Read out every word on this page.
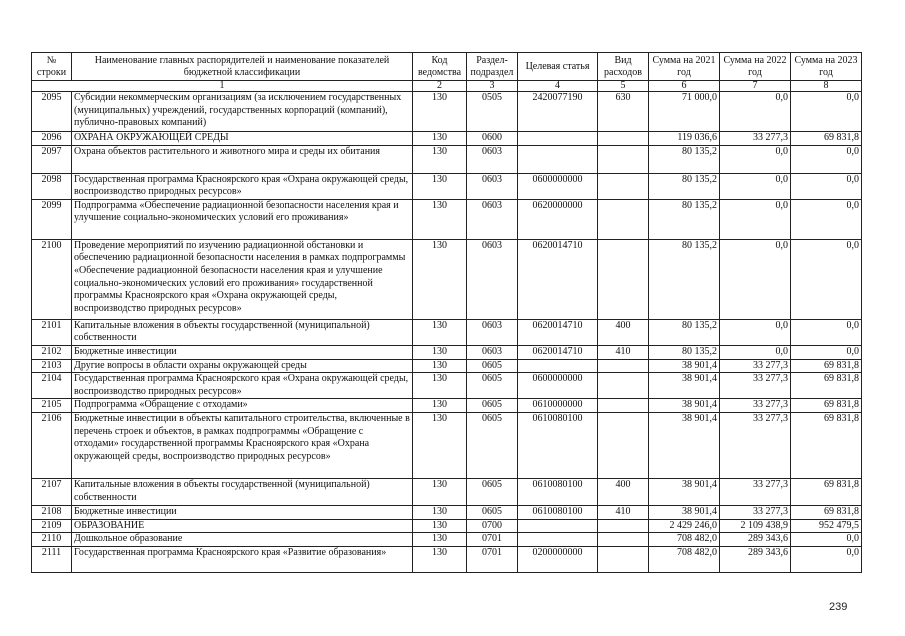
№ строки	Наименование главных распорядителей и наименование показателей бюджетной классификации	Код ведомства	Раздел-подраздел	Целевая статья	Вид расходов	Сумма на 2021 год	Сумма на 2022 год	Сумма на 2023 год
1		2	3	4	5	6	7	8
2095	Субсидии некоммерческим организациям (за исключением государственных (муниципальных) учреждений, государственных корпораций (компаний), публично-правовых компаний)	130	0505	2420077190	630	71 000,0	0,0	0,0
2096	ОХРАНА ОКРУЖАЮЩЕЙ СРЕДЫ	130	0600			119 036,6	33 277,3	69 831,8
2097	Охрана объектов растительного и животного мира и среды их обитания	130	0603			80 135,2	0,0	0,0
2098	Государственная программа Красноярского края «Охрана окружающей среды, воспроизводство природных ресурсов»	130	0603	0600000000		80 135,2	0,0	0,0
2099	Подпрограмма «Обеспечение радиационной безопасности населения края и улучшение социально-экономических условий его проживания»	130	0603	0620000000		80 135,2	0,0	0,0
2100	Проведение мероприятий по изучению радиационной обстановки и обеспечению радиационной безопасности населения в рамках подпрограммы «Обеспечение радиационной безопасности населения края и улучшение социально-экономических условий его проживания» государственной программы Красноярского края «Охрана окружающей среды, воспроизводство природных ресурсов»	130	0603	0620014710		80 135,2	0,0	0,0
2101	Капитальные вложения в объекты государственной (муниципальной) собственности	130	0603	0620014710	400	80 135,2	0,0	0,0
2102	Бюджетные инвестиции	130	0603	0620014710	410	80 135,2	0,0	0,0
2103	Другие вопросы в области охраны окружающей среды	130	0605			38 901,4	33 277,3	69 831,8
2104	Государственная программа Красноярского края «Охрана окружающей среды, воспроизводство природных ресурсов»	130	0605	0600000000		38 901,4	33 277,3	69 831,8
2105	Подпрограмма «Обращение с отходами»	130	0605	0610000000		38 901,4	33 277,3	69 831,8
2106	Бюджетные инвестиции в объекты капитального строительства, включенные в перечень строек и объектов, в рамках подпрограммы «Обращение с отходами» государственной программы Красноярского края «Охрана окружающей среды, воспроизводство природных ресурсов»	130	0605	0610080100		38 901,4	33 277,3	69 831,8
2107	Капитальные вложения в объекты государственной (муниципальной) собственности	130	0605	0610080100	400	38 901,4	33 277,3	69 831,8
2108	Бюджетные инвестиции	130	0605	0610080100	410	38 901,4	33 277,3	69 831,8
2109	ОБРАЗОВАНИЕ	130	0700			2 429 246,0	2 109 438,9	952 479,5
2110	Дошкольное образование	130	0701			708 482,0	289 343,6	0,0
2111	Государственная программа Красноярского края «Развитие образования»	130	0701	0200000000		708 482,0	289 343,6	0,0
239
